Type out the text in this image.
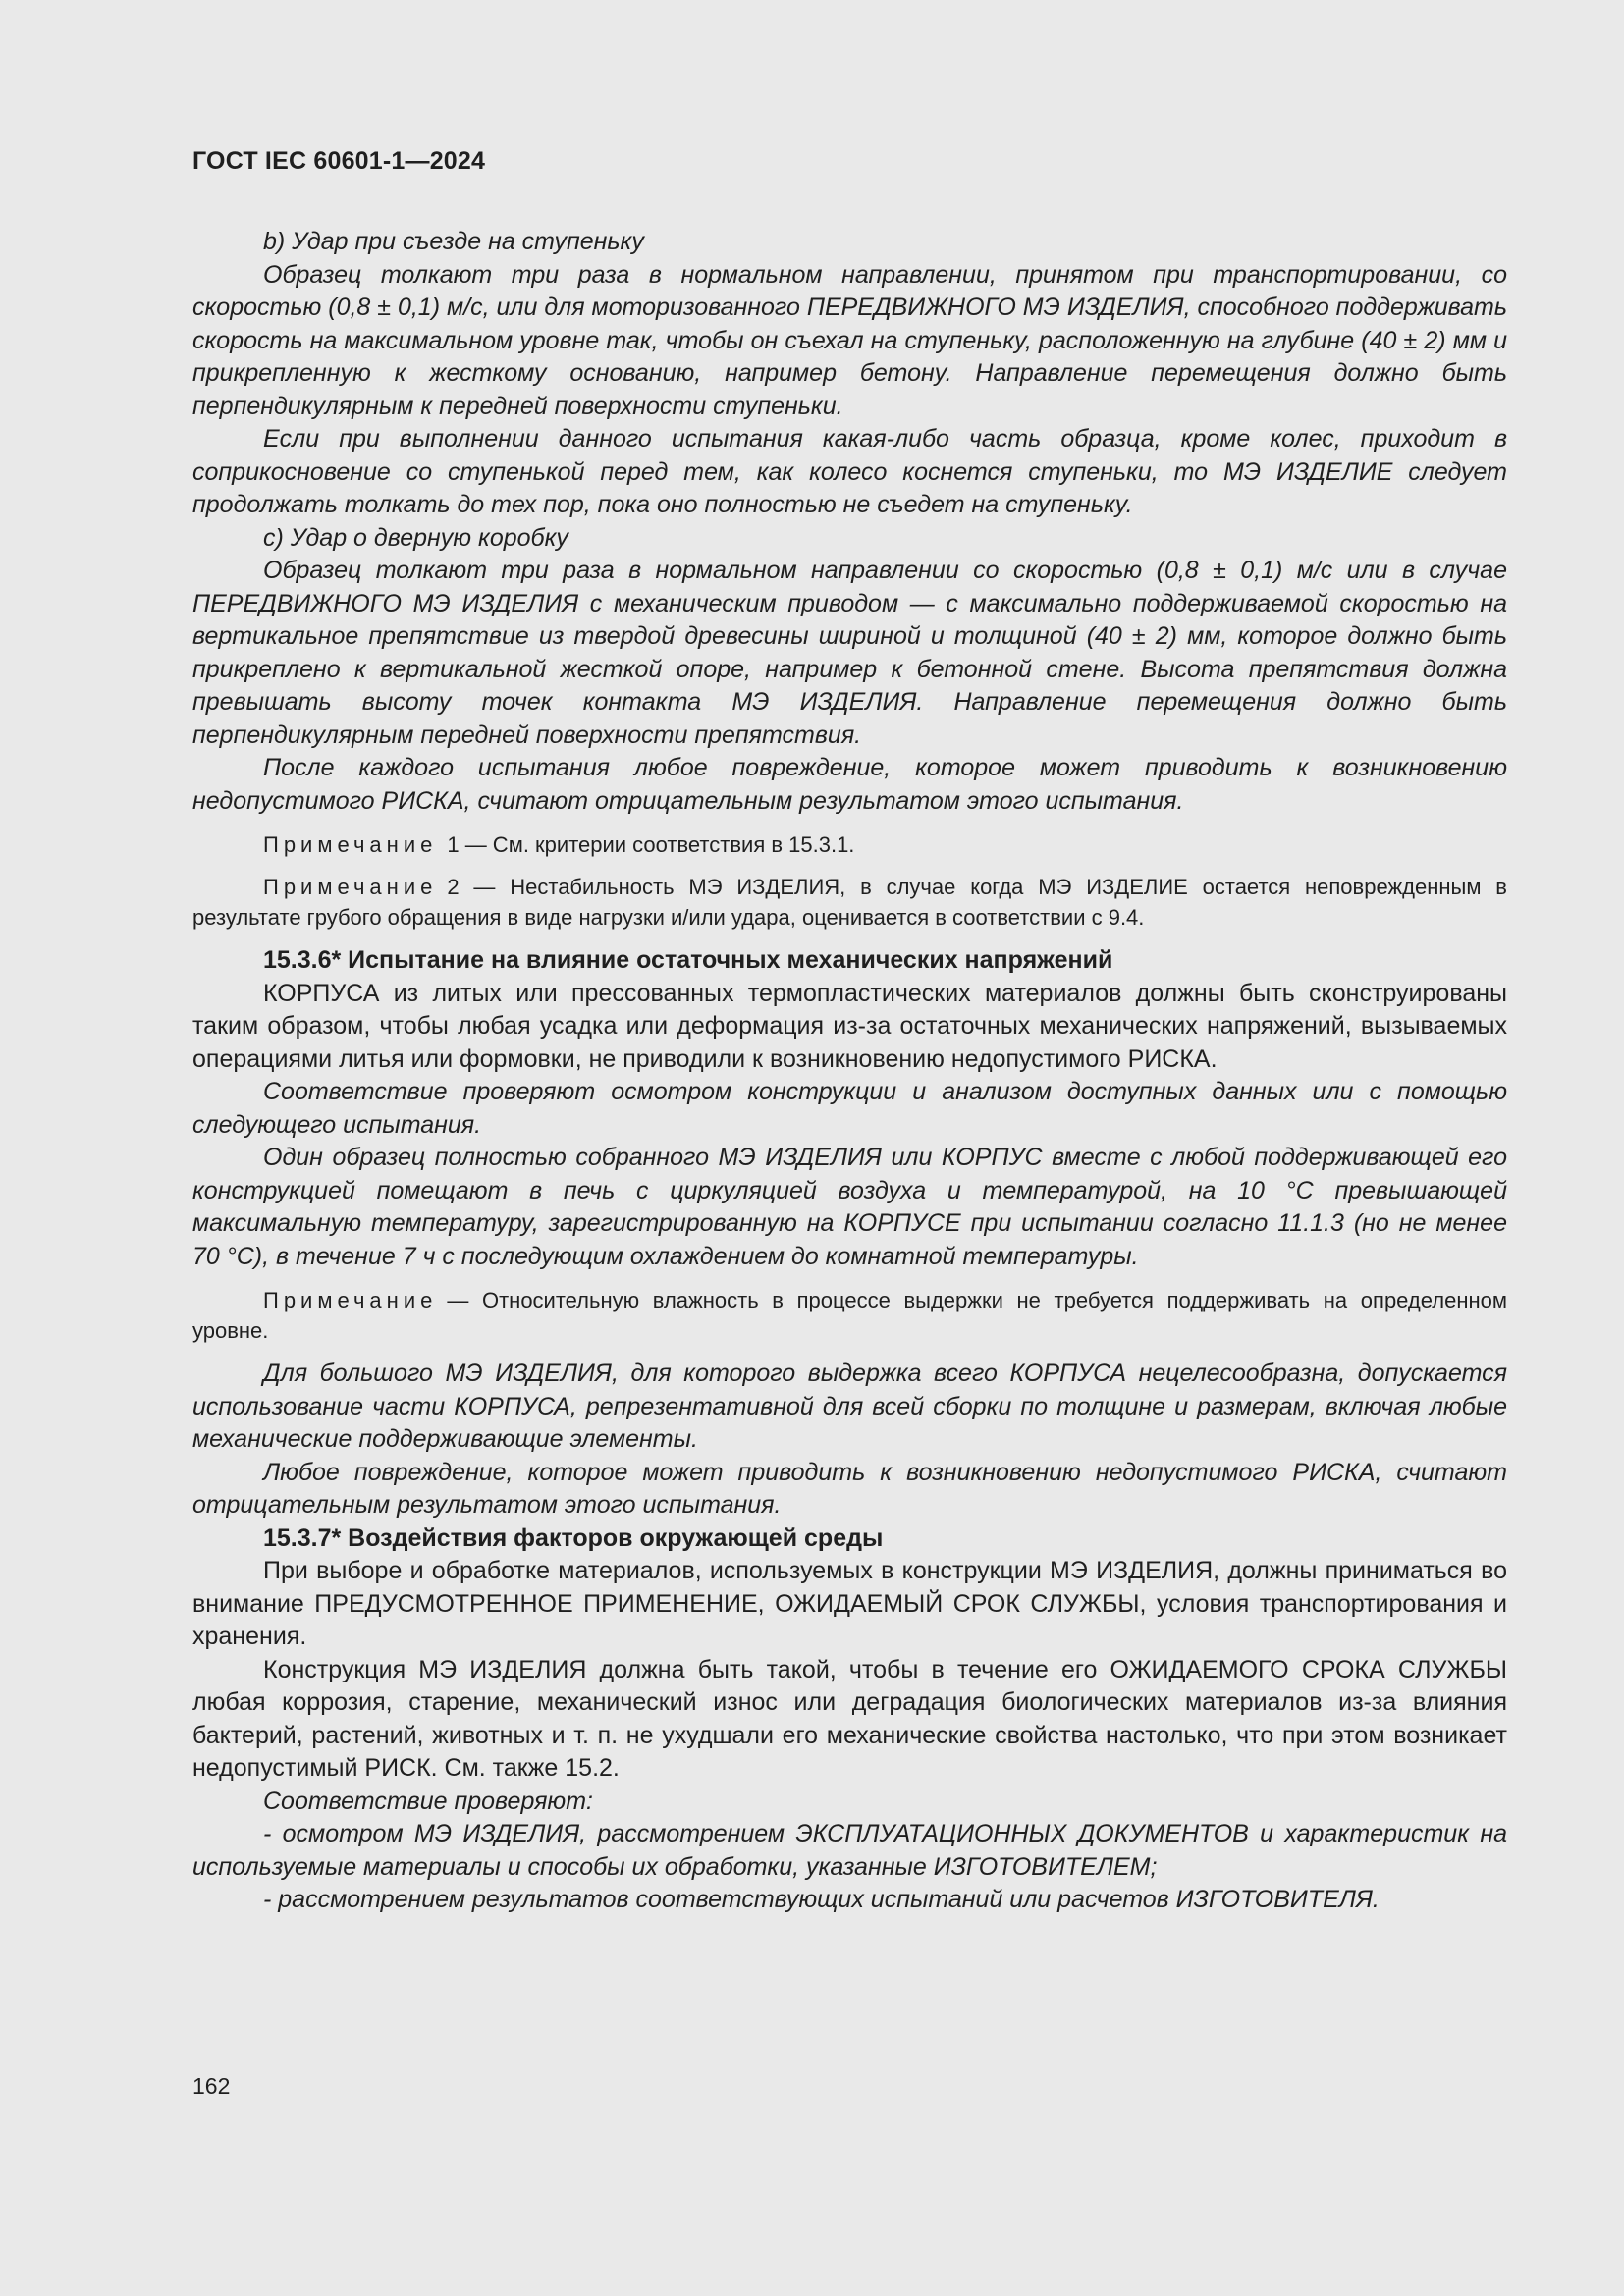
ГОСТ IEC 60601-1—2024

b) Удар при съезде на ступеньку

Образец толкают три раза в нормальном направлении, принятом при транспортировании, со скоростью (0,8 ± 0,1) м/с, или для моторизованного ПЕРЕДВИЖНОГО МЭ ИЗДЕЛИЯ, способного поддерживать скорость на максимальном уровне так, чтобы он съехал на ступеньку, расположенную на глубине (40 ± 2) мм и прикрепленную к жесткому основанию, например бетону. Направление перемещения должно быть перпендикулярным к передней поверхности ступеньки.

Если при выполнении данного испытания какая-либо часть образца, кроме колес, приходит в соприкосновение со ступенькой перед тем, как колесо коснется ступеньки, то МЭ ИЗДЕЛИЕ следует продолжать толкать до тех пор, пока оно полностью не съедет на ступеньку.

c) Удар о дверную коробку

Образец толкают три раза в нормальном направлении со скоростью (0,8 ± 0,1) м/с или в случае ПЕРЕДВИЖНОГО МЭ ИЗДЕЛИЯ с механическим приводом — с максимально поддерживаемой скоростью на вертикальное препятствие из твердой древесины шириной и толщиной (40 ± 2) мм, которое должно быть прикреплено к вертикальной жесткой опоре, например к бетонной стене. Высота препятствия должна превышать высоту точек контакта МЭ ИЗДЕЛИЯ. Направление перемещения должно быть перпендикулярным передней поверхности препятствия.

После каждого испытания любое повреждение, которое может приводить к возникновению недопустимого РИСКА, считают отрицательным результатом этого испытания.

Примечание 1 — См. критерии соответствия в 15.3.1.

Примечание 2 — Нестабильность МЭ ИЗДЕЛИЯ, в случае когда МЭ ИЗДЕЛИЕ остается неповрежденным в результате грубого обращения в виде нагрузки и/или удара, оценивается в соответствии с 9.4.

15.3.6* Испытание на влияние остаточных механических напряжений

КОРПУСА из литых или прессованных термопластических материалов должны быть сконструированы таким образом, чтобы любая усадка или деформация из-за остаточных механических напряжений, вызываемых операциями литья или формовки, не приводили к возникновению недопустимого РИСКА.

Соответствие проверяют осмотром конструкции и анализом доступных данных или с помощью следующего испытания.

Один образец полностью собранного МЭ ИЗДЕЛИЯ или КОРПУС вместе с любой поддерживающей его конструкцией помещают в печь с циркуляцией воздуха и температурой, на 10 °С превышающей максимальную температуру, зарегистрированную на КОРПУСЕ при испытании согласно 11.1.3 (но не менее 70 °С), в течение 7 ч с последующим охлаждением до комнатной температуры.

Примечание — Относительную влажность в процессе выдержки не требуется поддерживать на определенном уровне.

Для большого МЭ ИЗДЕЛИЯ, для которого выдержка всего КОРПУСА нецелесообразна, допускается использование части КОРПУСА, репрезентативной для всей сборки по толщине и размерам, включая любые механические поддерживающие элементы.

Любое повреждение, которое может приводить к возникновению недопустимого РИСКА, считают отрицательным результатом этого испытания.

15.3.7* Воздействия факторов окружающей среды

При выборе и обработке материалов, используемых в конструкции МЭ ИЗДЕЛИЯ, должны приниматься во внимание ПРЕДУСМОТРЕННОЕ ПРИМЕНЕНИЕ, ОЖИДАЕМЫЙ СРОК СЛУЖБЫ, условия транспортирования и хранения.

Конструкция МЭ ИЗДЕЛИЯ должна быть такой, чтобы в течение его ОЖИДАЕМОГО СРОКА СЛУЖБЫ любая коррозия, старение, механический износ или деградация биологических материалов из-за влияния бактерий, растений, животных и т. п. не ухудшали его механические свойства настолько, что при этом возникает недопустимый РИСК. См. также 15.2.

Соответствие проверяют:

- осмотром МЭ ИЗДЕЛИЯ, рассмотрением ЭКСПЛУАТАЦИОННЫХ ДОКУМЕНТОВ и характеристик на используемые материалы и способы их обработки, указанные ИЗГОТОВИТЕЛЕМ;

- рассмотрением результатов соответствующих испытаний или расчетов ИЗГОТОВИТЕЛЯ.

162
